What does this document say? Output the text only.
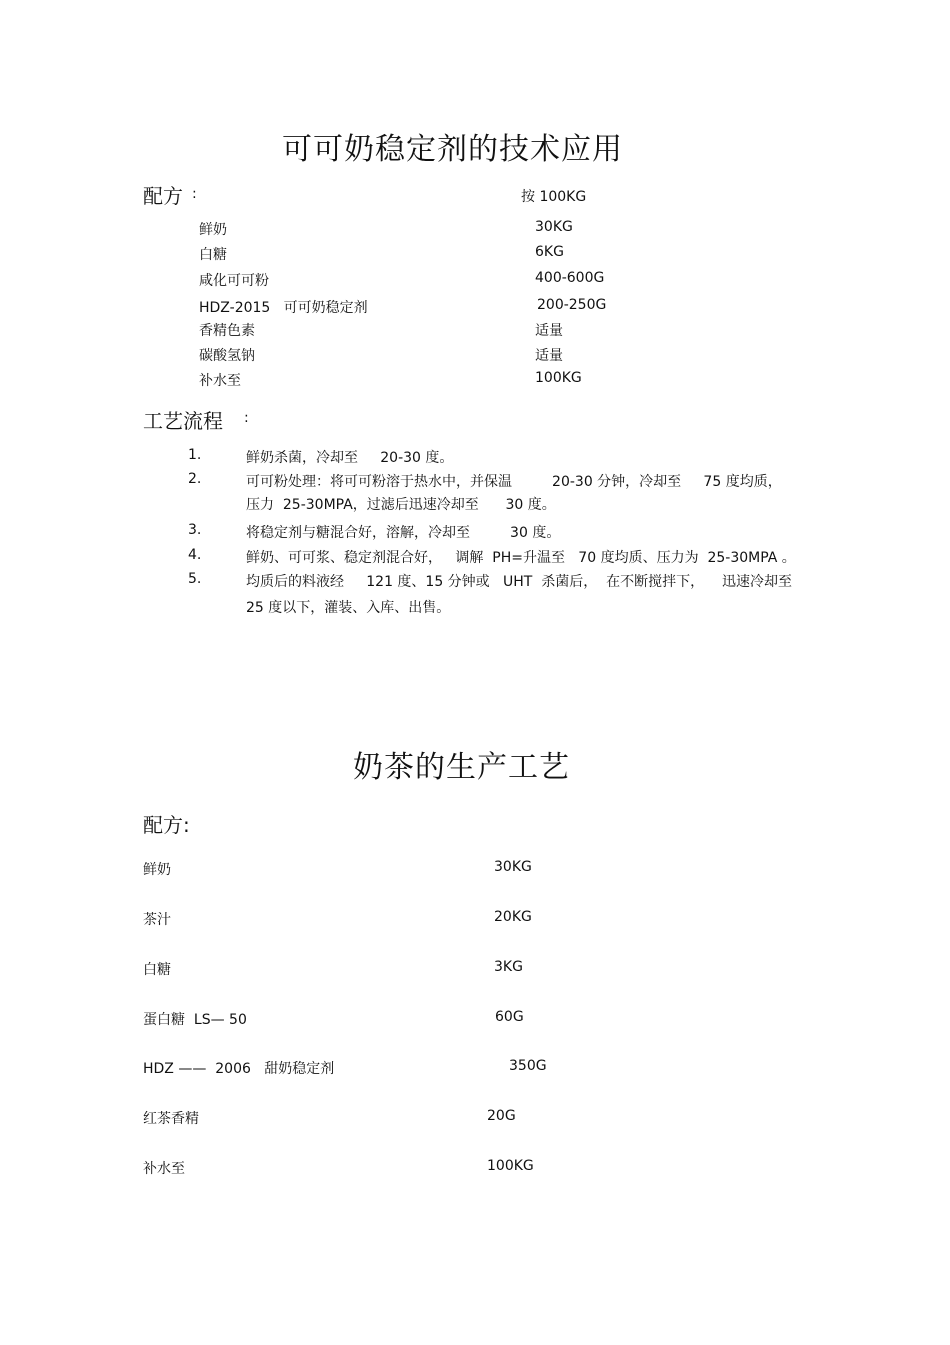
可可奶稳定剂的技术应用
配方 :	按 100KG
鲜奶	30KG
白糖	6KG
咸化可可粉	400-600G
HDZ-2015   可可奶稳定剂	200-250G
香精色素	适量
碳酸氢钠	适量
补水至	100KG
工艺流程 :
1.	鲜奶杀菌，冷却至     20-30 度。
2.	可可粉处理：将可可粉溶于热水中，并保温         20-30 分钟，冷却至     75 度均质，
压力  25-30MPA，过滤后迅速冷却至      30 度。
3.	将稳定剂与糖混合好，溶解，冷却至         30 度。
4.	鲜奶、可可浆、稳定剂混合好，   调解  PH=升温至   70 度均质、压力为  25-30MPA 。
5.	均质后的料液经     121 度、15 分钟或   UHT  杀菌后，  在不断搅拌下，    迅速冷却至
25 度以下，灌装、入库、出售。
奶茶的生产工艺
配方:
鲜奶	30KG
茶汁	20KG
白糖	3KG
蛋白糖  LS— 50	60G
HDZ ——  2006   甜奶稳定剂	350G
红茶香精	20G
补水至	100KG
